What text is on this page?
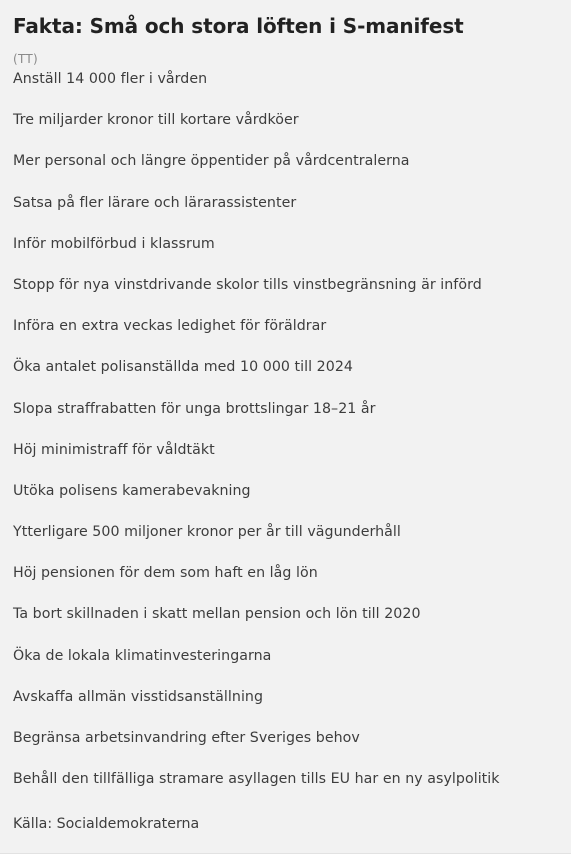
Fakta: Små och stora löften i S-manifest
(TT)
Anställ 14 000 fler i vården
Tre miljarder kronor till kortare vårdköer
Mer personal och längre öppentider på vårdcentralerna
Satsa på fler lärare och lärarassistenter
Inför mobilförbud i klassrum
Stopp för nya vinstdrivande skolor tills vinstbegränsning är införd
Införa en extra veckas ledighet för föräldrar
Öka antalet polisanställda med 10 000 till 2024
Slopa straffrabatten för unga brottslingar 18–21 år
Höj minimistraff för våldtäkt
Utöka polisens kamerabevakning
Ytterligare 500 miljoner kronor per år till vägunderhåll
Höj pensionen för dem som haft en låg lön
Ta bort skillnaden i skatt mellan pension och lön till 2020
Öka de lokala klimatinvesteringarna
Avskaffa allmän visstidsanställning
Begränsa arbetsinvandring efter Sveriges behov
Behåll den tillfälliga stramare asyllagen tills EU har en ny asylpolitik
Källa: Socialdemokraterna
